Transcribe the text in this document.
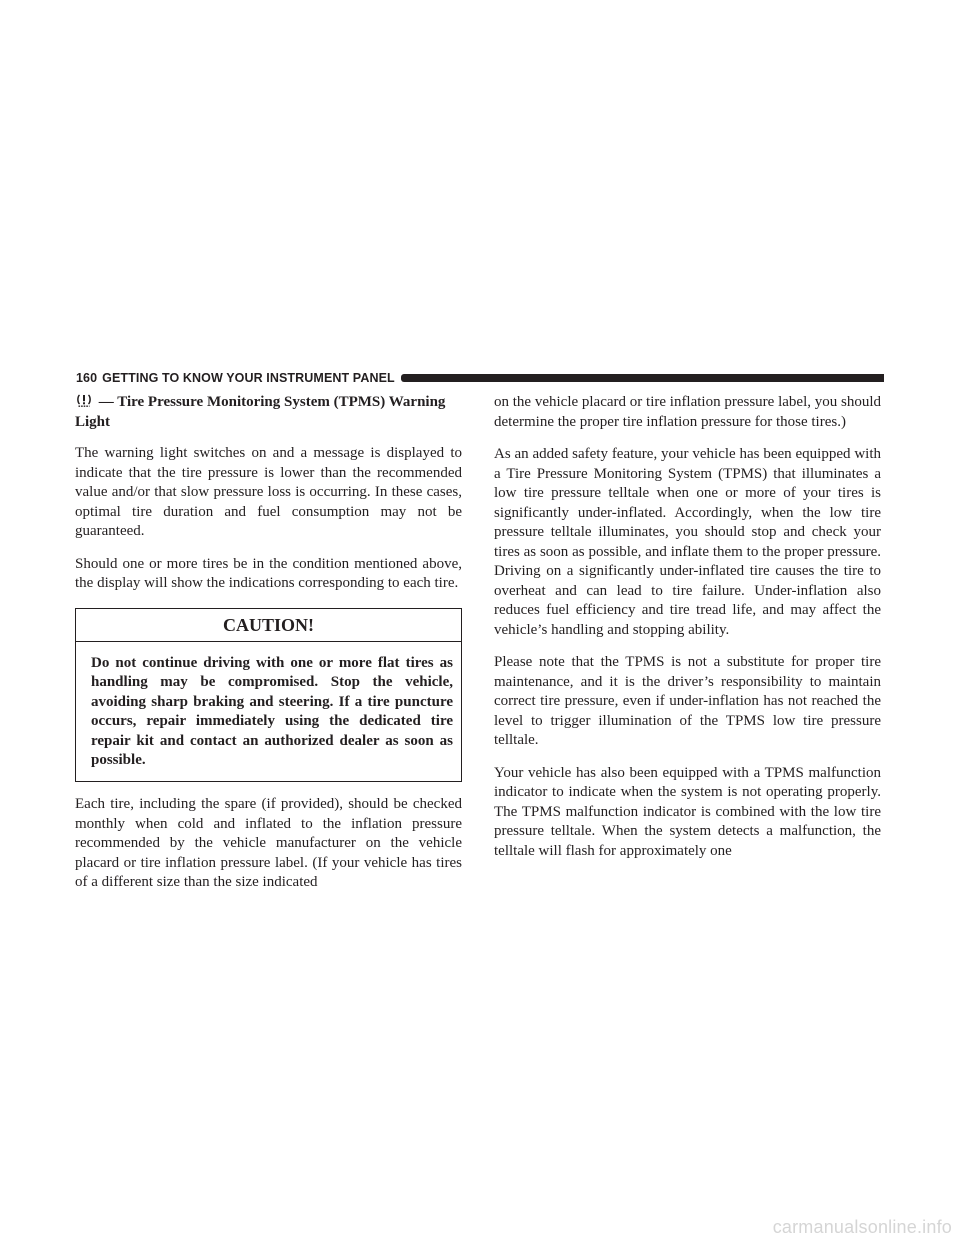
160 GETTING TO KNOW YOUR INSTRUMENT PANEL
— Tire Pressure Monitoring System (TPMS) Warning Light

The warning light switches on and a message is displayed to indicate that the tire pressure is lower than the recommended value and/or that slow pressure loss is occurring. In these cases, optimal tire duration and fuel consumption may not be guaranteed.

Should one or more tires be in the condition mentioned above, the display will show the indications corresponding to each tire.

CAUTION!
Do not continue driving with one or more flat tires as handling may be compromised. Stop the vehicle, avoiding sharp braking and steering. If a tire puncture occurs, repair immediately using the dedicated tire repair kit and contact an authorized dealer as soon as possible.

Each tire, including the spare (if provided), should be checked monthly when cold and inflated to the inflation pressure recommended by the vehicle manufacturer on the vehicle placard or tire inflation pressure label. (If your vehicle has tires of a different size than the size indicated

on the vehicle placard or tire inflation pressure label, you should determine the proper tire inflation pressure for those tires.)

As an added safety feature, your vehicle has been equipped with a Tire Pressure Monitoring System (TPMS) that illuminates a low tire pressure telltale when one or more of your tires is significantly under-inflated. Accordingly, when the low tire pressure telltale illuminates, you should stop and check your tires as soon as possible, and inflate them to the proper pressure. Driving on a significantly under-inflated tire causes the tire to overheat and can lead to tire failure. Under-inflation also reduces fuel efficiency and tire tread life, and may affect the vehicle’s handling and stopping ability.

Please note that the TPMS is not a substitute for proper tire maintenance, and it is the driver’s responsibility to maintain correct tire pressure, even if under-inflation has not reached the level to trigger illumination of the TPMS low tire pressure telltale.

Your vehicle has also been equipped with a TPMS malfunction indicator to indicate when the system is not operating properly. The TPMS malfunction indicator is combined with the low tire pressure telltale. When the system detects a malfunction, the telltale will flash for approximately one

carmanualsonline.info
